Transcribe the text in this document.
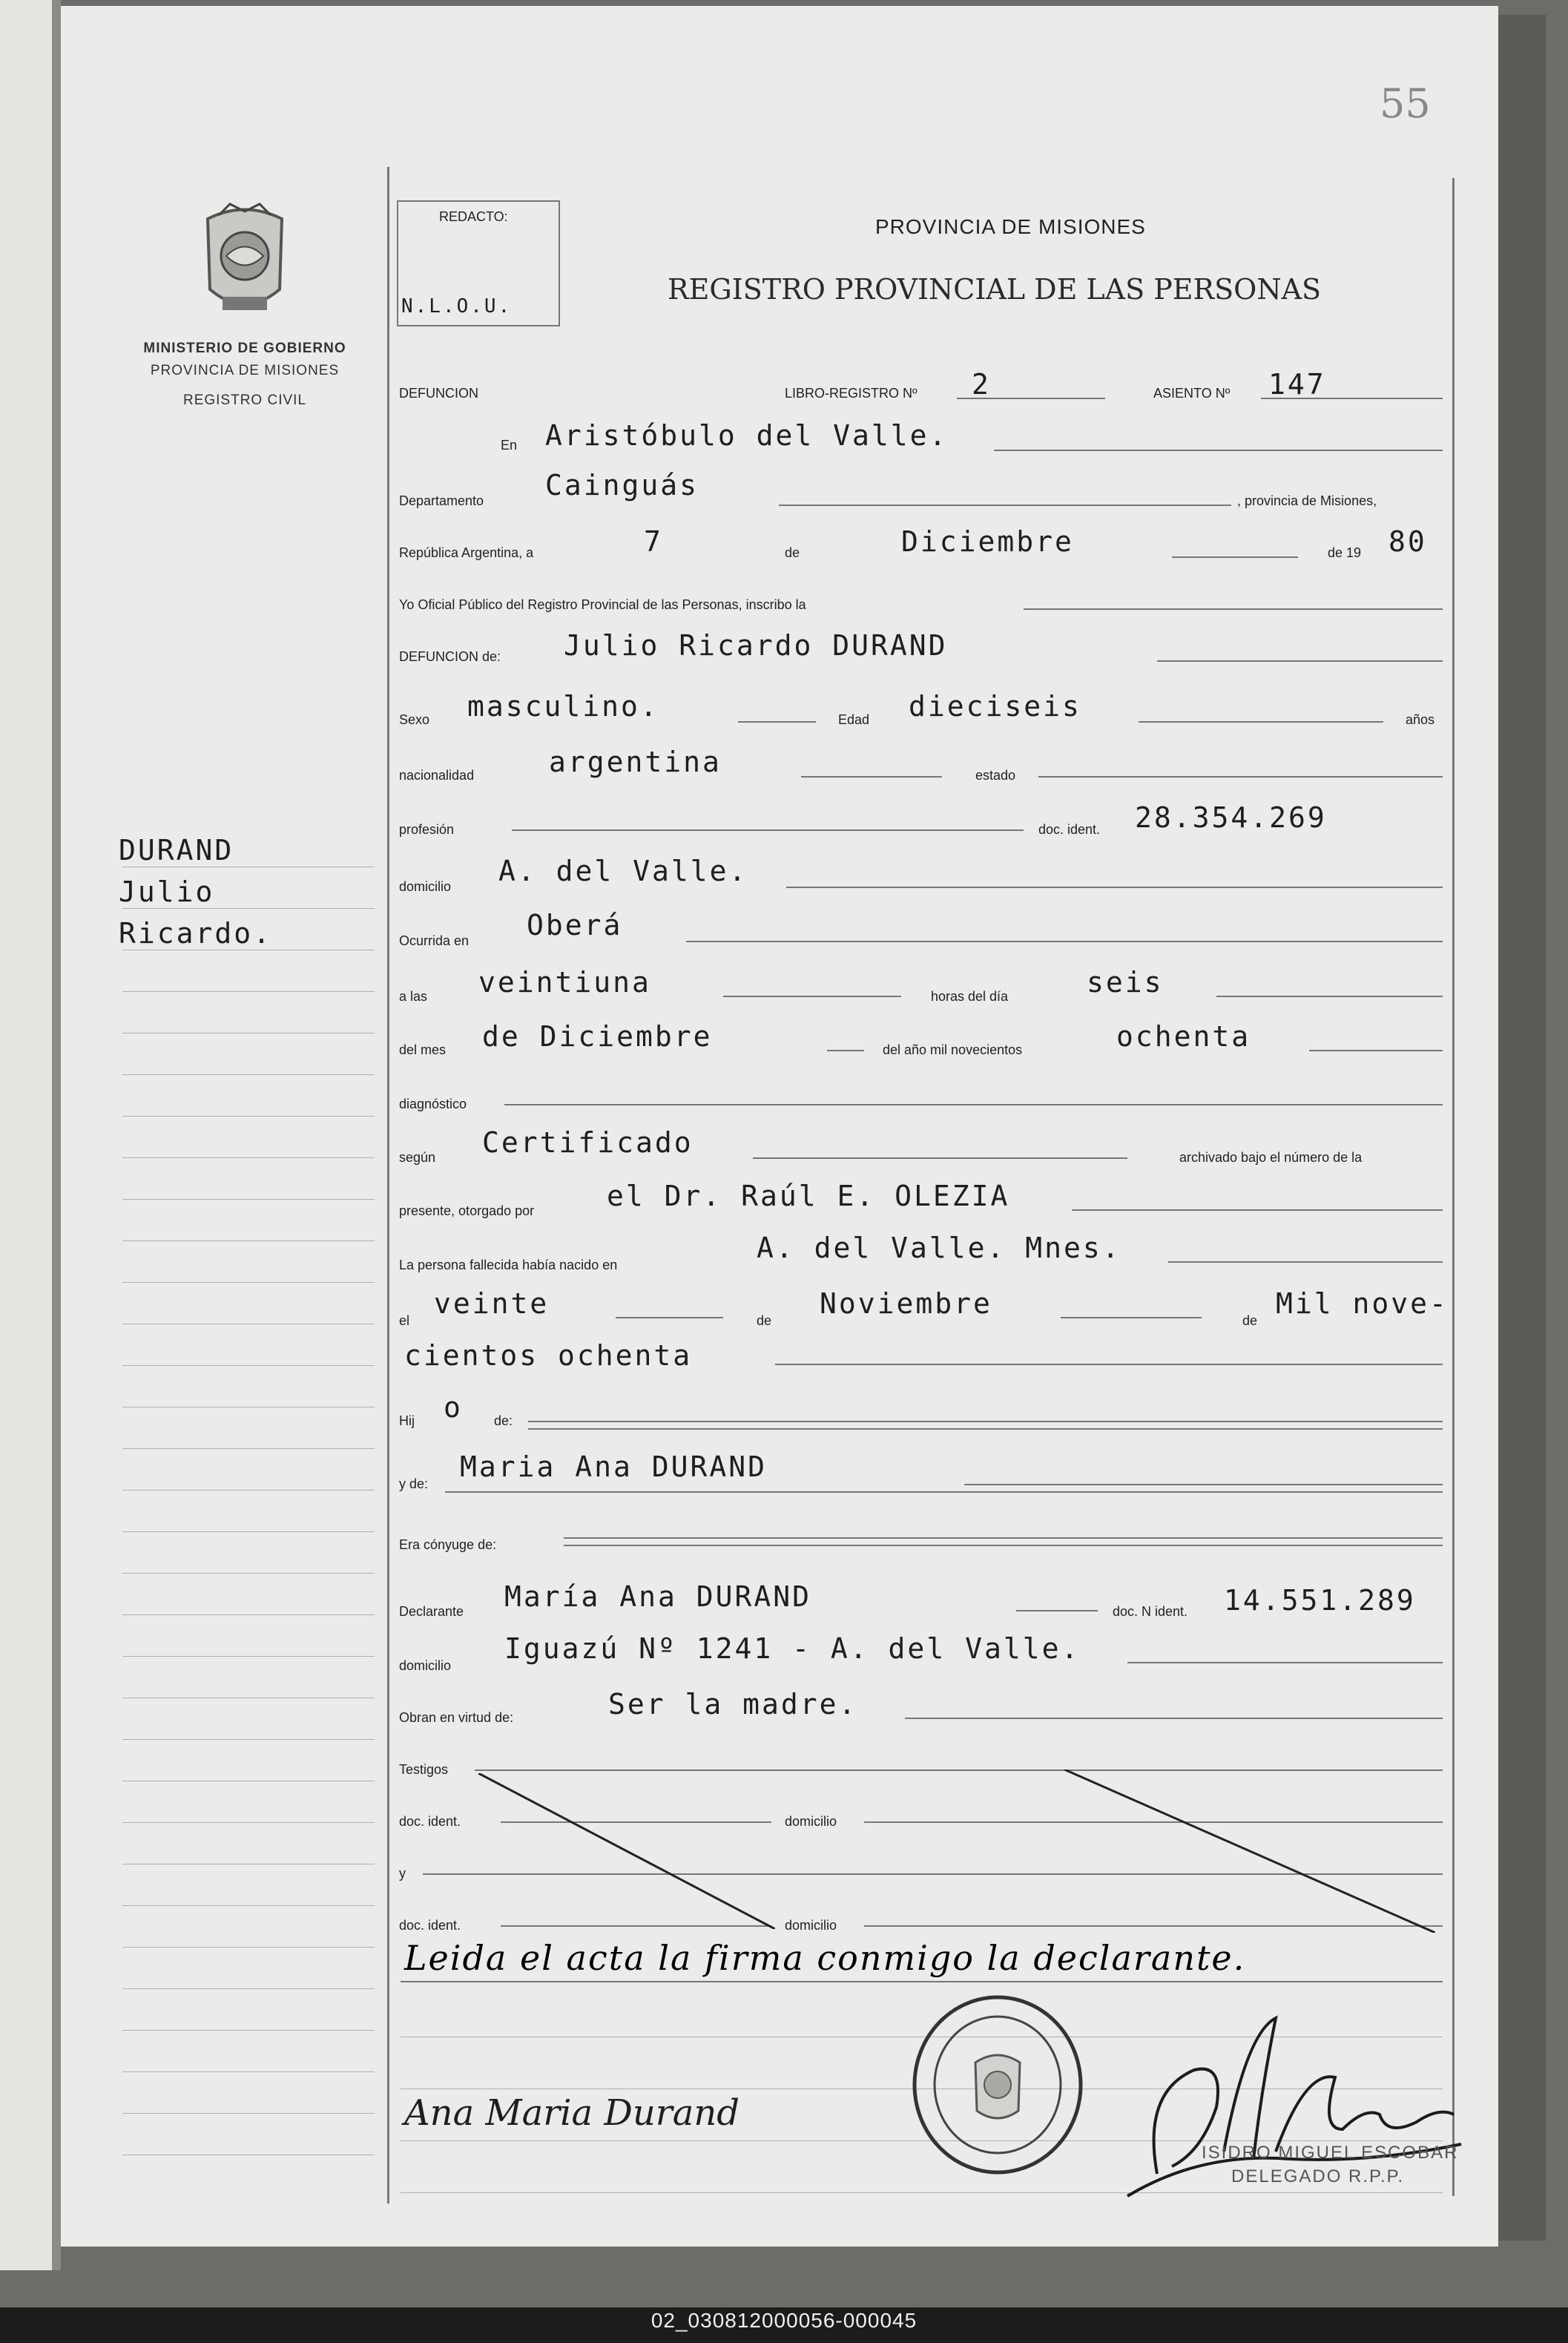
55
MINISTERIO DE GOBIERNO
PROVINCIA DE MISIONES
REGISTRO CIVIL
DURAND
Julio
Ricardo.
REDACTO:
N.L.O.U.
PROVINCIA DE MISIONES
REGISTRO PROVINCIAL DE LAS PERSONAS
DEFUNCION	LIBRO-REGISTRO Nº 2	ASIENTO Nº 147
En Aristóbulo del Valle.
Departamento Cainguás	, provincia de Misiones,
República Argentina, a	7	de	Diciembre	de 19 80
Yo Oficial Público del Registro Provincial de las Personas, inscribo la
DEFUNCION de: Julio Ricardo DURAND
Sexo masculino.	Edad dieciseis	años
nacionalidad	argentina	estado
profesión	doc. ident. 28.354.269
domicilio A. del Valle.
Ocurrida en Oberá
a las veintiuna	horas del día	seis
del mes de Diciembre	del año mil novecientos	ochenta
diagnóstico
según Certificado	archivado bajo el número de la
presente, otorgado por	el Dr. Raúl E. OLEZIA
La persona fallecida había nacido en
A. del Valle. Mnes.
el
veinte
de
Noviembre
de
Mil nove-
cientos ochenta
Hij o de:
y de:
Maria Ana DURAND
Era cónyuge de:
Declarante María Ana DURAND	doc. N ident. 14.551.289
domicilio
Iguazú Nº 1241 - A. del Valle.
Obran en virtud de:	Ser la madre.
Testigos
doc. ident.	domicilio
y
doc. ident.	domicilio
Leida el acta la firma conmigo la declarante.
Ana Maria Durand
ISIDRO MIGUEL ESCOBAR
DELEGADO R.P.P.
02_030812000056-000045
